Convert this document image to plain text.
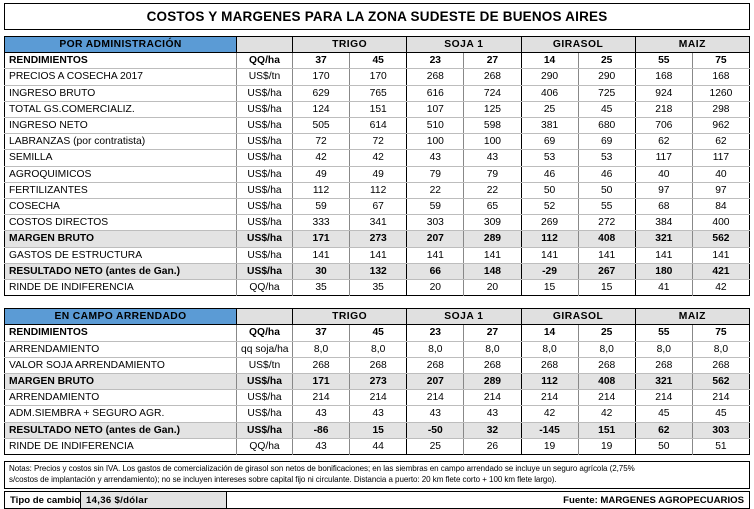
COSTOS Y MARGENES PARA LA ZONA SUDESTE DE BUENOS AIRES
POR ADMINISTRACIÓN		TRIGO		SOJA 1		GIRASOL		MAIZ	
RENDIMIENTOS	QQ/ha	37	45	23	27	14	25	55	75
PRECIOS A COSECHA 2017	US$/tn	170	170	268	268	290	290	168	168
INGRESO BRUTO	US$/ha	629	765	616	724	406	725	924	1260
TOTAL GS.COMERCIALIZ.	US$/ha	124	151	107	125	25	45	218	298
INGRESO NETO	US$/ha	505	614	510	598	381	680	706	962
LABRANZAS (por contratista)	US$/ha	72	72	100	100	69	69	62	62
SEMILLA	US$/ha	42	42	43	43	53	53	117	117
AGROQUIMICOS	US$/ha	49	49	79	79	46	46	40	40
FERTILIZANTES	US$/ha	112	112	22	22	50	50	97	97
COSECHA	US$/ha	59	67	59	65	52	55	68	84
COSTOS DIRECTOS	US$/ha	333	341	303	309	269	272	384	400
MARGEN BRUTO	US$/ha	171	273	207	289	112	408	321	562
GASTOS DE ESTRUCTURA	US$/ha	141	141	141	141	141	141	141	141
RESULTADO NETO (antes de Gan.)	US$/ha	30	132	66	148	-29	267	180	421
RINDE DE INDIFERENCIA	QQ/ha	35	35	20	20	15	15	41	42
EN CAMPO ARRENDADO		TRIGO		SOJA 1		GIRASOL		MAIZ	
RENDIMIENTOS	QQ/ha	37	45	23	27	14	25	55	75
ARRENDAMIENTO	qq soja/ha	8,0	8,0	8,0	8,0	8,0	8,0	8,0	8,0
VALOR SOJA ARRENDAMIENTO	US$/tn	268	268	268	268	268	268	268	268
MARGEN BRUTO	US$/ha	171	273	207	289	112	408	321	562
ARRENDAMIENTO	US$/ha	214	214	214	214	214	214	214	214
ADM.SIEMBRA + SEGURO AGR.	US$/ha	43	43	43	43	42	42	45	45
RESULTADO NETO (antes de Gan.)	US$/ha	-86	15	-50	32	-145	151	62	303
RINDE DE INDIFERENCIA	QQ/ha	43	44	25	26	19	19	50	51
Notas: Precios y costos sin IVA. Los gastos de comercialización de girasol son netos de bonificaciones; en las siembras en campo arrendado se incluye un seguro agrícola (2,75%
s/costos de implantación y arrendamiento); no se incluyen intereses sobre capital fijo ni circulante. Distancia a puerto: 20 km flete corto + 100 km flete largo).
Tipo de cambio	14,36 $/dólar	Fuente: MARGENES AGROPECUARIOS
